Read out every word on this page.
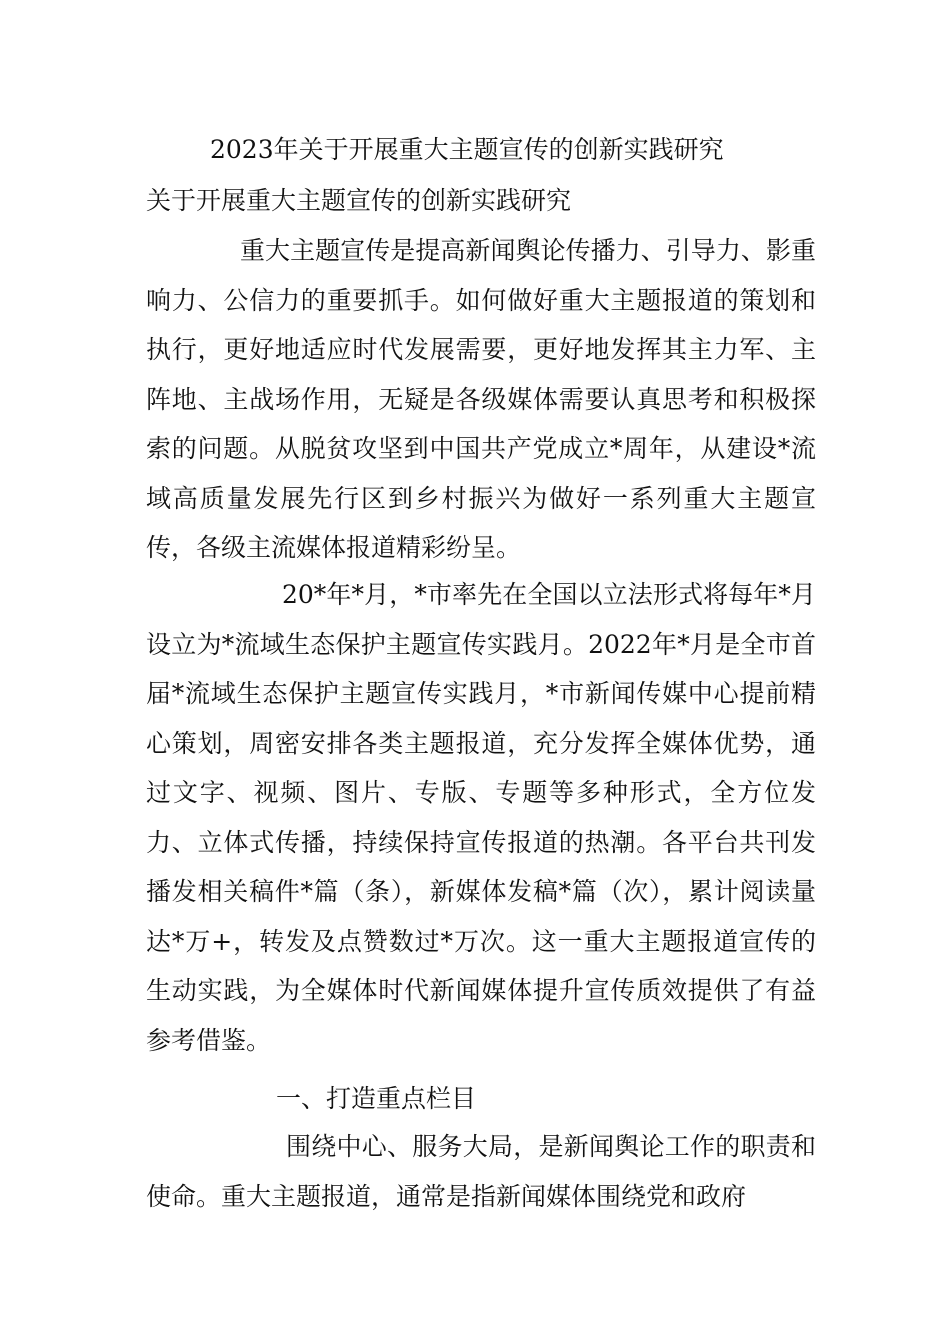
2023年关于开展重大主题宣传的创新实践研究
关于开展重大主题宣传的创新实践研究

重大主题宣传是提高新闻舆论传播力、引导力、影重响力、公信力的重要抓手。如何做好重大主题报道的策划和执行，更好地适应时代发展需要，更好地发挥其主力军、主阵地、主战场作用，无疑是各级媒体需要认真思考和积极探索的问题。从脱贫攻坚到中国共产党成立*周年，从建设*流域高质量发展先行区到乡村振兴为做好一系列重大主题宣传，各级主流媒体报道精彩纷呈。

20*年*月，*市率先在全国以立法形式将每年*月设立为*流域生态保护主题宣传实践月。2022年*月是全市首届*流域生态保护主题宣传实践月，*市新闻传媒中心提前精心策划，周密安排各类主题报道，充分发挥全媒体优势，通过文字、视频、图片、专版、专题等多种形式，全方位发力、立体式传播，持续保持宣传报道的热潮。各平台共刊发播发相关稿件*篇（条），新媒体发稿*篇（次），累计阅读量达*万+，转发及点赞数过*万次。这一重大主题报道宣传的生动实践，为全媒体时代新闻媒体提升宣传质效提供了有益参考借鉴。

一、打造重点栏目

围绕中心、服务大局，是新闻舆论工作的职责和使命。重大主题报道，通常是指新闻媒体围绕党和政府
